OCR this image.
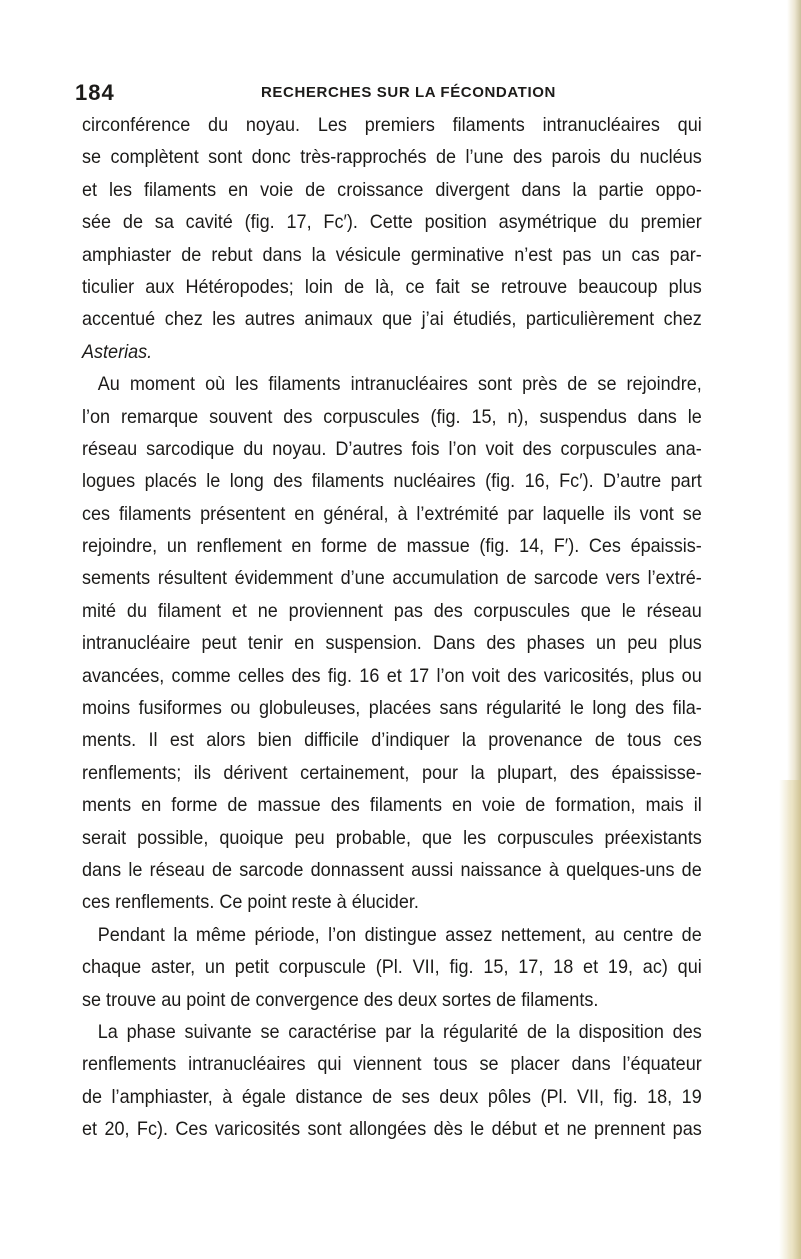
184	RECHERCHES SUR LA FÉCONDATION
circonférence du noyau. Les premiers filaments intranucléaires qui
se complètent sont donc très-rapprochés de l’une des parois du nucléus
et les filaments en voie de croissance divergent dans la partie oppo-
sée de sa cavité (fig. 17, Fc′). Cette position asymétrique du premier
amphiaster de rebut dans la vésicule germinative n’est pas un cas par-
ticulier aux Hétéropodes; loin de là, ce fait se retrouve beaucoup plus
accentué chez les autres animaux que j’ai étudiés, particulièrement chez
Asterias.
Au moment où les filaments intranucléaires sont près de se rejoindre,
l’on remarque souvent des corpuscules (fig. 15, n), suspendus dans le
réseau sarcodique du noyau. D’autres fois l’on voit des corpuscules ana-
logues placés le long des filaments nucléaires (fig. 16, Fc′). D’autre part
ces filaments présentent en général, à l’extrémité par laquelle ils vont se
rejoindre, un renflement en forme de massue (fig. 14, F′). Ces épaissis-
sements résultent évidemment d’une accumulation de sarcode vers l’extré-
mité du filament et ne proviennent pas des corpuscules que le réseau
intranucléaire peut tenir en suspension. Dans des phases un peu plus
avancées, comme celles des fig. 16 et 17 l’on voit des varicosités, plus ou
moins fusiformes ou globuleuses, placées sans régularité le long des fila-
ments. Il est alors bien difficile d’indiquer la provenance de tous ces
renflements; ils dérivent certainement, pour la plupart, des épaississe-
ments en forme de massue des filaments en voie de formation, mais il
serait possible, quoique peu probable, que les corpuscules préexistants
dans le réseau de sarcode donnassent aussi naissance à quelques-uns de
ces renflements. Ce point reste à élucider.
Pendant la même période, l’on distingue assez nettement, au centre de
chaque aster, un petit corpuscule (Pl. VII, fig. 15, 17, 18 et 19, ac) qui
se trouve au point de convergence des deux sortes de filaments.
La phase suivante se caractérise par la régularité de la disposition des
renflements intranucléaires qui viennent tous se placer dans l’équateur
de l’amphiaster, à égale distance de ses deux pôles (Pl. VII, fig. 18, 19
et 20, Fc). Ces varicosités sont allongées dès le début et ne prennent pas
